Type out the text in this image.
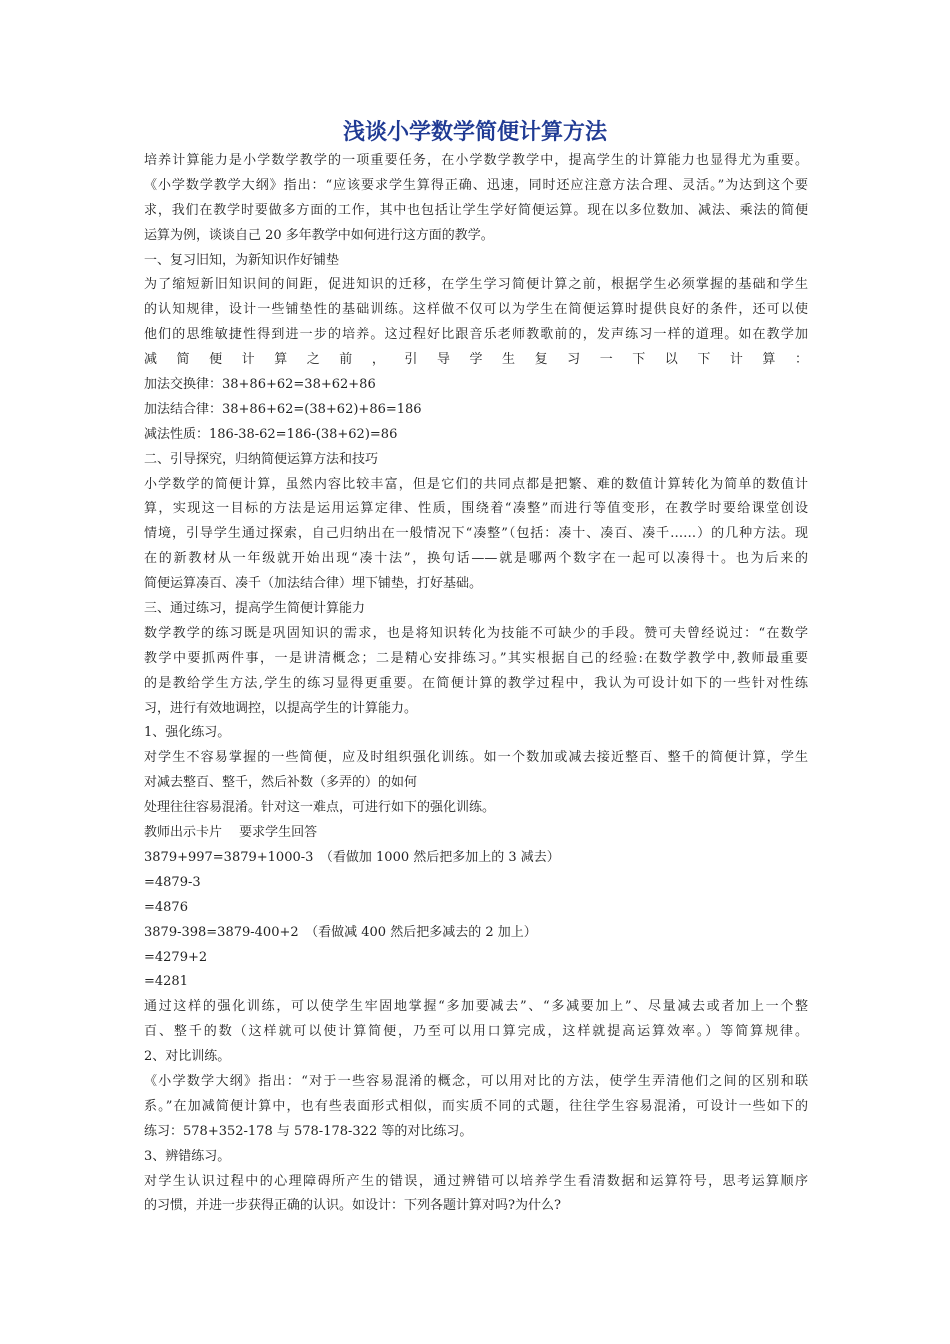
浅谈小学数学简便计算方法
培养计算能力是小学数学教学的一项重要任务，在小学数学教学中，提高学生的计算能力也显得尤为重要。
《小学数学教学大纲》指出：“应该要求学生算得正确、迅速，同时还应注意方法合理、灵活。”为达到这个要
求，我们在教学时要做多方面的工作，其中也包括让学生学好简便运算。现在以多位数加、减法、乘法的简便
运算为例，谈谈自己 20 多年教学中如何进行这方面的教学。
一、复习旧知，为新知识作好铺垫
为了缩短新旧知识间的间距，促进知识的迁移，在学生学习简便计算之前，根据学生必须掌握的基础和学生
的认知规律，设计一些铺垫性的基础训练。这样做不仅可以为学生在简便运算时提供良好的条件，还可以使
他们的思维敏捷性得到进一步的培养。这过程好比跟音乐老师教歌前的，发声练习一样的道理。如在教学加
减简便计算之前，引导学生复习一下以下计算：
加法交换律：38+86+62=38+62+86
加法结合律：38+86+62=(38+62)+86=186
减法性质：186-38-62=186-(38+62)=86
二、引导探究，归纳简便运算方法和技巧
小学数学的简便计算，虽然内容比较丰富，但是它们的共同点都是把繁、难的数值计算转化为简单的数值计
算，实现这一目标的方法是运用运算定律、性质，围绕着“凑整”而进行等值变形，在教学时要给课堂创设
情境，引导学生通过探索，自己归纳出在一般情况下“凑整”（包括：凑十、凑百、凑千……）的几种方法。现
在的新教材从一年级就开始出现“凑十法”，换句话——就是哪两个数字在一起可以凑得十。也为后来的
简便运算凑百、凑千（加法结合律）埋下铺垫，打好基础。
三、通过练习，提高学生简便计算能力
数学教学的练习既是巩固知识的需求，也是将知识转化为技能不可缺少的手段。赞可夫曾经说过：“在数学
教学中要抓两件事，一是讲清概念；二是精心安排练习。”其实根据自己的经验:在数学教学中,教师最重要
的是教给学生方法,学生的练习显得更重要。在简便计算的教学过程中，我认为可设计如下的一些针对性练
习，进行有效地调控，以提高学生的计算能力。
1、强化练习。
对学生不容易掌握的一些简便，应及时组织强化训练。如一个数加或减去接近整百、整千的简便计算，学生
对减去整百、整千，然后补数（多弄的）的如何
处理往往容易混淆。针对这一难点，可进行如下的强化训练。
教师出示卡片　 要求学生回答
3879+997=3879+1000-3　（看做加 1000 然后把多加上的 3 减去）
=4879-3
=4876
3879-398=3879-400+2　（看做减 400 然后把多减去的 2 加上）
=4279+2
=4281
通过这样的强化训练，可以使学生牢固地掌握“多加要减去”、“多减要加上”、尽量减去或者加上一个整
百、整千的数（这样就可以使计算简便，乃至可以用口算完成，这样就提高运算效率。）等简算规律。
2、对比训练。
《小学数学大纲》指出：“对于一些容易混淆的概念，可以用对比的方法，使学生弄清他们之间的区别和联
系。”在加减简便计算中，也有些表面形式相似，而实质不同的式题，往往学生容易混淆，可设计一些如下的
练习：578+352-178 与 578-178-322 等的对比练习。
3、辨错练习。
对学生认识过程中的心理障碍所产生的错误，通过辨错可以培养学生看清数据和运算符号，思考运算顺序
的习惯，并进一步获得正确的认识。如设计：下列各题计算对吗?为什么?
